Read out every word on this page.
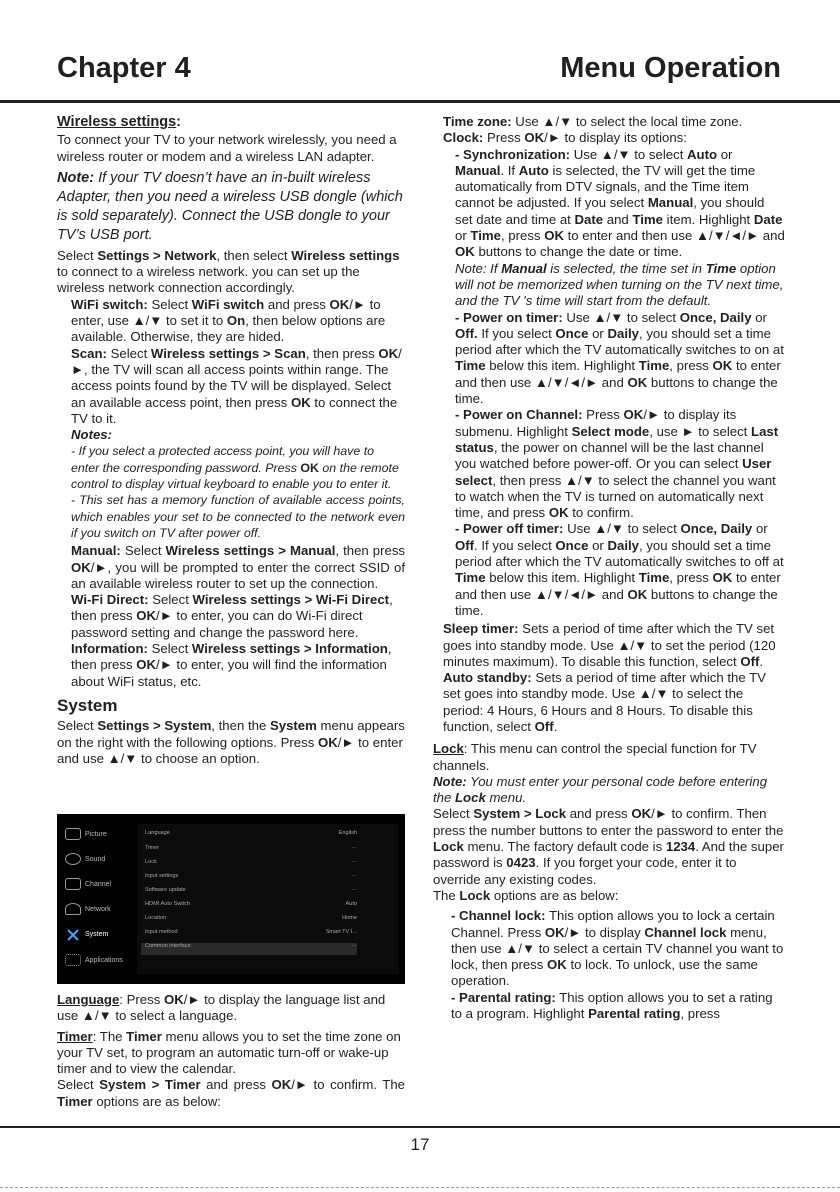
Chapter 4	Menu Operation

Wireless settings:

To connect your TV to your network wirelessly, you need a wireless router or modem and a wireless LAN adapter.

Note: If your TV doesn’t have an in-built wireless Adapter, then you need a wireless USB dongle (which is sold separately). Connect the USB dongle to your TV’s USB port.

Select Settings > Network, then select Wireless settings to connect to a wireless network. you can set up the wireless network connection accordingly.

WiFi switch: Select WiFi switch and press OK/► to enter, use ▲/▼ to set it to On, then below options are available. Otherwise, they are hided.

Scan: Select Wireless settings > Scan, then press OK/►, the TV will scan all access points within range. The access points found by the TV will be displayed. Select an available access point, then press OK to connect the TV to it.

Notes:

- If you select a protected access point, you will have to enter the corresponding password. Press OK on the remote control to display virtual keyboard to enable you to enter it.

- This set has a memory function of available access points, which enables your set to be connected to the network even if you switch on TV after power off.

Manual: Select Wireless settings > Manual, then press OK/►, you will be prompted to enter the correct SSID of an available wireless router to set up the connection.

Wi-Fi Direct: Select Wireless settings > Wi-Fi Direct, then press OK/► to enter, you can do Wi-Fi direct password setting and change the password here.

Information: Select Wireless settings > Information, then press OK/► to enter, you will find the information about WiFi status, etc.

System

Select Settings > System, then the System menu appears on the right with the following options. Press OK/► to enter and use ▲/▼ to choose an option.

Picture
Sound
Channel
Network
System
Applications
Language	English
Timer	···
Lock	···
Input settings	···
Software update	···
HDMI Auto Switch	Auto
Location	Home
Input method	Smart TV I...
Common interface	···

Language: Press OK/► to display the language list and use ▲/▼ to select a language.

Timer: The Timer menu allows you to set the time zone on your TV set, to program an automatic turn-off or wake-up timer and to view the calendar.

Select System > Timer and press OK/► to confirm. The Timer options are as below:

Time zone: Use ▲/▼ to select the local time zone.

Clock: Press OK/► to display its options:

- Synchronization: Use ▲/▼ to select Auto or Manual. If Auto is selected, the TV will get the time automatically from DTV signals, and the Time item cannot be adjusted. If you select Manual, you should set date and time at Date and Time item. Highlight Date or Time, press OK to enter and then use ▲/▼/◄/► and OK buttons to change the date or time.

Note: If Manual is selected, the time set in Time option will not be memorized when turning on the TV next time, and the TV 's time will start from the default.

- Power on timer: Use ▲/▼ to select Once, Daily or Off. If you select Once or Daily, you should set a time period after which the TV automatically switches to on at Time below this item. Highlight Time, press OK to enter and then use ▲/▼/◄/► and OK buttons to change the time.

- Power on Channel: Press OK/► to display its submenu. Highlight Select mode, use ► to select Last status, the power on channel will be the last channel you watched before power-off. Or you can select User select, then press ▲/▼ to select the channel you want to watch when the TV is turned on automatically next time, and press OK to confirm.

- Power off timer: Use ▲/▼ to select Once, Daily or Off. If you select Once or Daily, you should set a time period after which the TV automatically switches to off at Time below this item. Highlight Time, press OK to enter and then use ▲/▼/◄/► and OK buttons to change the time.

Sleep timer: Sets a period of time after which the TV set goes into standby mode. Use ▲/▼ to set the period (120 minutes maximum). To disable this function, select Off.

Auto standby: Sets a period of time after which the TV set goes into standby mode. Use ▲/▼ to select the period: 4 Hours, 6 Hours and 8 Hours. To disable this function, select Off.

Lock: This menu can control the special function for TV channels.

Note: You must enter your personal code before entering the Lock menu.

Select System > Lock and press OK/► to confirm. Then press the number buttons to enter the password to enter the Lock menu. The factory default code is 1234. And the super password is 0423. If you forget your code, enter it to override any existing codes.

The Lock options are as below:

- Channel lock: This option allows you to lock a certain Channel. Press OK/► to display Channel lock menu, then use ▲/▼ to select a certain TV channel you want to lock, then press OK to lock. To unlock, use the same operation.

- Parental rating: This option allows you to set a rating to a program. Highlight Parental rating, press

17
